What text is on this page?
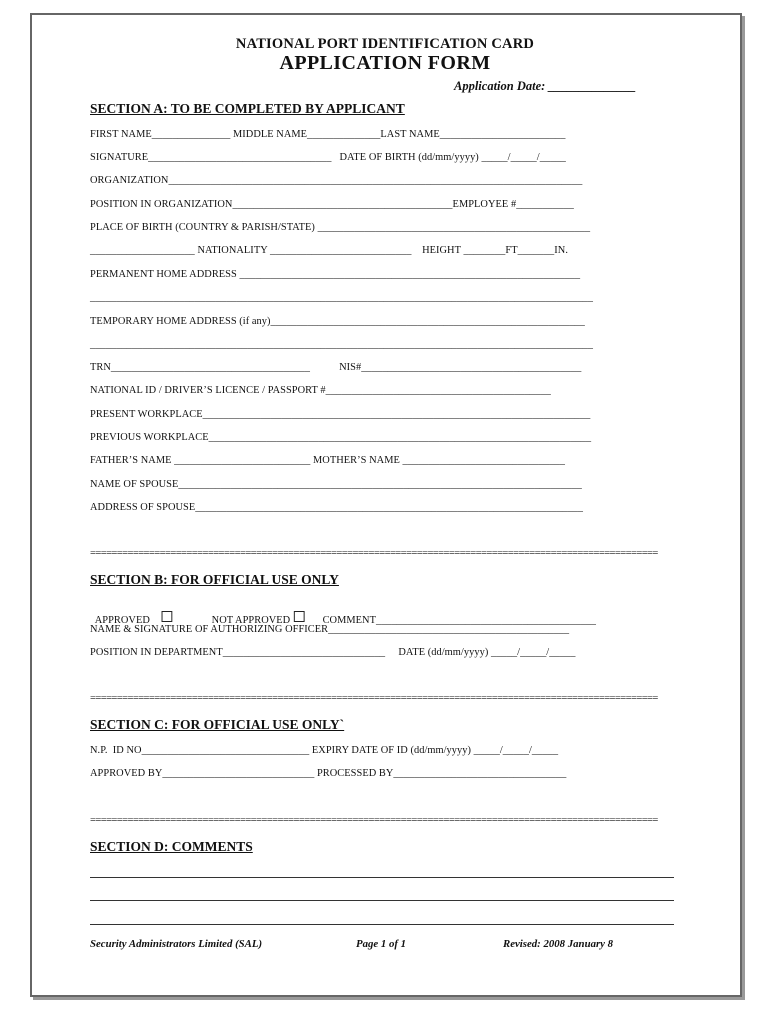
NATIONAL PORT IDENTIFICATION CARD
APPLICATION FORM
Application Date: ______________
SECTION A: TO BE COMPLETED BY APPLICANT
FIRST NAME_______________ MIDDLE NAME______________LAST NAME________________________
SIGNATURE___________________________________   DATE OF BIRTH (dd/mm/yyyy) _____/_____/_____
ORGANIZATION_______________________________________________________________________________
POSITION IN ORGANIZATION__________________________________________EMPLOYEE #___________
PLACE OF BIRTH (COUNTRY & PARISH/STATE) ____________________________________________________
____________________ NATIONALITY ___________________________    HEIGHT ________FT_______IN.
PERMANENT HOME ADDRESS _________________________________________________________________
________________________________________________________________________________________________
TEMPORARY HOME ADDRESS (if any)____________________________________________________________
________________________________________________________________________________________________
TRN______________________________________           NIS#__________________________________________
NATIONAL ID / DRIVER’S LICENCE / PASSPORT #___________________________________________
PRESENT WORKPLACE__________________________________________________________________________
PREVIOUS WORKPLACE_________________________________________________________________________
FATHER’S NAME __________________________ MOTHER’S NAME _______________________________
NAME OF SPOUSE_____________________________________________________________________________
ADDRESS OF SPOUSE__________________________________________________________________________
==========================================================================================================
SECTION B: FOR OFFICIAL USE ONLY

APPROVED	NOT APPROVED	COMMENT__________________________________________

NAME & SIGNATURE OF AUTHORIZING OFFICER______________________________________________
POSITION IN DEPARTMENT_______________________________     DATE (dd/mm/yyyy) _____/_____/_____
==========================================================================================================
SECTION C: FOR OFFICIAL USE ONLY`
N.P.  ID NO________________________________ EXPIRY DATE OF ID (dd/mm/yyyy) _____/_____/_____
APPROVED BY_____________________________ PROCESSED BY_________________________________
==========================================================================================================
SECTION D: COMMENTS
Security Administrators Limited (SAL)	Page 1 of 1	Revised: 2008 January 8
